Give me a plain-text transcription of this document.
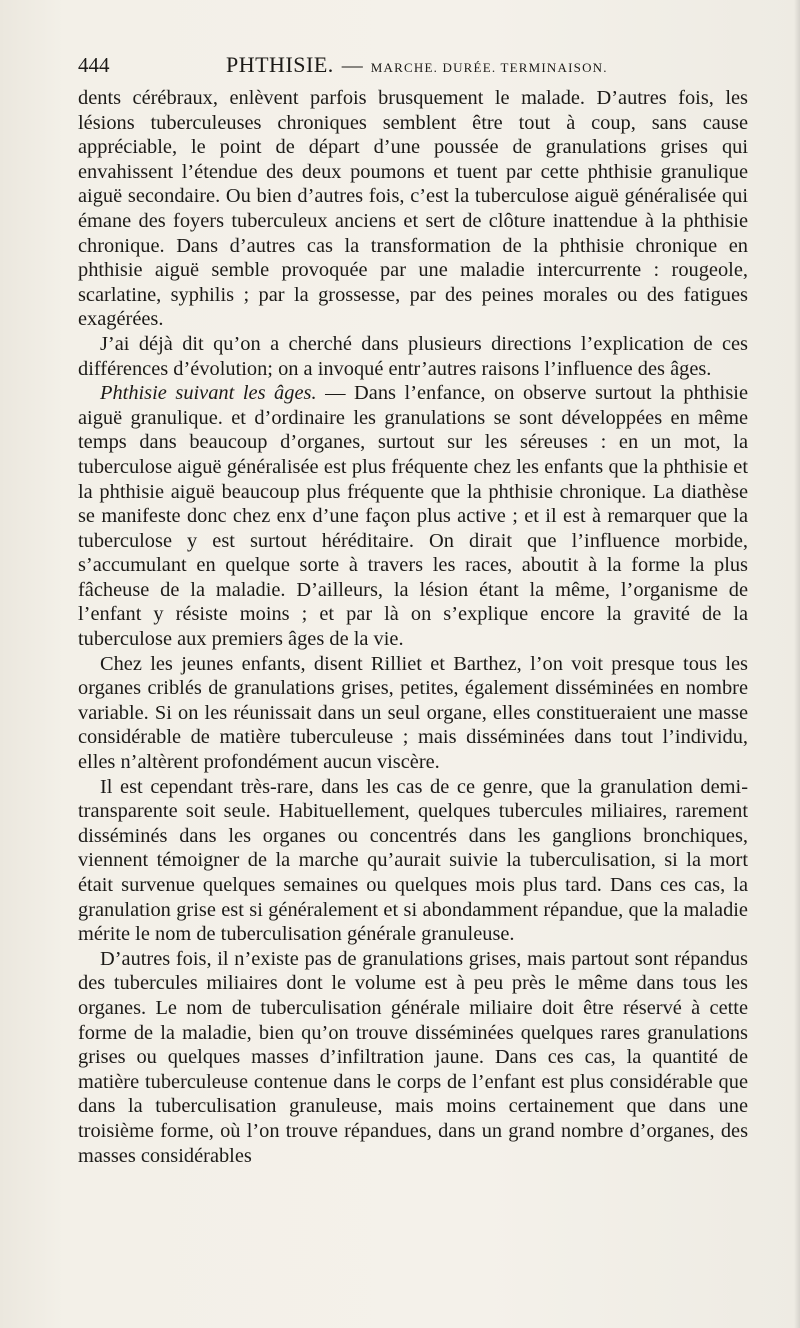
444	PHTHISIE. — MARCHE. DURÉE. TERMINAISON.

dents cérébraux, enlèvent parfois brusquement le malade. D’autres fois, les lésions tuberculeuses chroniques semblent être tout à coup, sans cause appréciable, le point de départ d’une poussée de granulations grises qui envahissent l’étendue des deux poumons et tuent par cette phthisie granulique aiguë secondaire. Ou bien d’autres fois, c’est la tuberculose aiguë généralisée qui émane des foyers tuberculeux anciens et sert de clôture inattendue à la phthisie chronique. Dans d’autres cas la transformation de la phthisie chronique en phthisie aiguë semble provoquée par une maladie intercurrente : rougeole, scarlatine, syphilis ; par la grossesse, par des peines morales ou des fatigues exagérées.

J’ai déjà dit qu’on a cherché dans plusieurs directions l’explication de ces différences d’évolution; on a invoqué entr’autres raisons l’influence des âges.

Phthisie suivant les âges. — Dans l’enfance, on observe surtout la phthisie aiguë granulique. et d’ordinaire les granulations se sont développées en même temps dans beaucoup d’organes, surtout sur les séreuses : en un mot, la tuberculose aiguë généralisée est plus fréquente chez les enfants que la phthisie et la phthisie aiguë beaucoup plus fréquente que la phthisie chronique. La diathèse se manifeste donc chez enx d’une façon plus active ; et il est à remarquer que la tuberculose y est surtout héréditaire. On dirait que l’influence morbide, s’accumulant en quelque sorte à travers les races, aboutit à la forme la plus fâcheuse de la maladie. D’ailleurs, la lésion étant la même, l’organisme de l’enfant y résiste moins ; et par là on s’explique encore la gravité de la tuberculose aux premiers âges de la vie.

Chez les jeunes enfants, disent Rilliet et Barthez, l’on voit presque tous les organes criblés de granulations grises, petites, également disséminées en nombre variable. Si on les réunissait dans un seul organe, elles constitueraient une masse considérable de matière tuberculeuse ; mais disséminées dans tout l’individu, elles n’altèrent profondément aucun viscère.

Il est cependant très-rare, dans les cas de ce genre, que la granulation demi-transparente soit seule. Habituellement, quelques tubercules miliaires, rarement disséminés dans les organes ou concentrés dans les ganglions bronchiques, viennent témoigner de la marche qu’aurait suivie la tuberculisation, si la mort était survenue quelques semaines ou quelques mois plus tard. Dans ces cas, la granulation grise est si généralement et si abondamment répandue, que la maladie mérite le nom de tuberculisation générale granuleuse.

D’autres fois, il n’existe pas de granulations grises, mais partout sont répandus des tubercules miliaires dont le volume est à peu près le même dans tous les organes. Le nom de tuberculisation générale miliaire doit être réservé à cette forme de la maladie, bien qu’on trouve disséminées quelques rares granulations grises ou quelques masses d’infiltration jaune. Dans ces cas, la quantité de matière tuberculeuse contenue dans le corps de l’enfant est plus considérable que dans la tuberculisation granuleuse, mais moins certainement que dans une troisième forme, où l’on trouve répandues, dans un grand nombre d’organes, des masses considérables
